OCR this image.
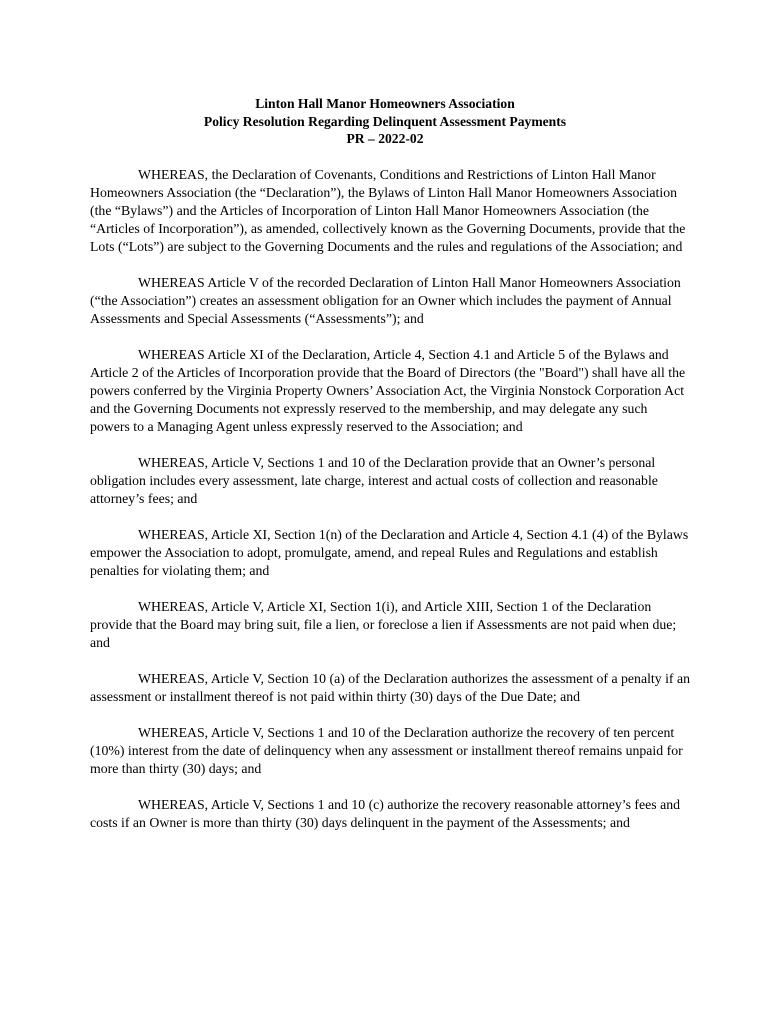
Linton Hall Manor Homeowners Association
Policy Resolution Regarding Delinquent Assessment Payments
PR – 2022-02

WHEREAS, the Declaration of Covenants, Conditions and Restrictions of Linton Hall Manor Homeowners Association (the “Declaration”), the Bylaws of Linton Hall Manor Homeowners Association (the “Bylaws”) and the Articles of Incorporation of Linton Hall Manor Homeowners Association (the “Articles of Incorporation”), as amended, collectively known as the Governing Documents, provide that the Lots (“Lots”) are subject to the Governing Documents and the rules and regulations of the Association; and

WHEREAS Article V of the recorded Declaration of Linton Hall Manor Homeowners Association (“the Association”) creates an assessment obligation for an Owner which includes the payment of Annual Assessments and Special Assessments (“Assessments”); and

WHEREAS Article XI of the Declaration, Article 4, Section 4.1 and Article 5 of the Bylaws and Article 2 of the Articles of Incorporation provide that the Board of Directors (the "Board") shall have all the powers conferred by the Virginia Property Owners’ Association Act, the Virginia Nonstock Corporation Act and the Governing Documents not expressly reserved to the membership, and may delegate any such powers to a Managing Agent unless expressly reserved to the Association; and

WHEREAS, Article V, Sections 1 and 10 of the Declaration provide that an Owner’s personal obligation includes every assessment, late charge, interest and actual costs of collection and reasonable attorney’s fees; and

WHEREAS, Article XI, Section 1(n) of the Declaration and Article 4, Section 4.1 (4) of the Bylaws empower the Association to adopt, promulgate, amend, and repeal Rules and Regulations and establish penalties for violating them; and

WHEREAS, Article V, Article XI, Section 1(i), and Article XIII, Section 1 of the Declaration provide that the Board may bring suit, file a lien, or foreclose a lien if Assessments are not paid when due; and

WHEREAS, Article V, Section 10 (a) of the Declaration authorizes the assessment of a penalty if an assessment or installment thereof is not paid within thirty (30) days of the Due Date; and

WHEREAS, Article V, Sections 1 and 10 of the Declaration authorize the recovery of ten percent (10%) interest from the date of delinquency when any assessment or installment thereof remains unpaid for more than thirty (30) days; and

WHEREAS, Article V, Sections 1 and 10 (c) authorize the recovery reasonable attorney’s fees and costs if an Owner is more than thirty (30) days delinquent in the payment of the Assessments; and
